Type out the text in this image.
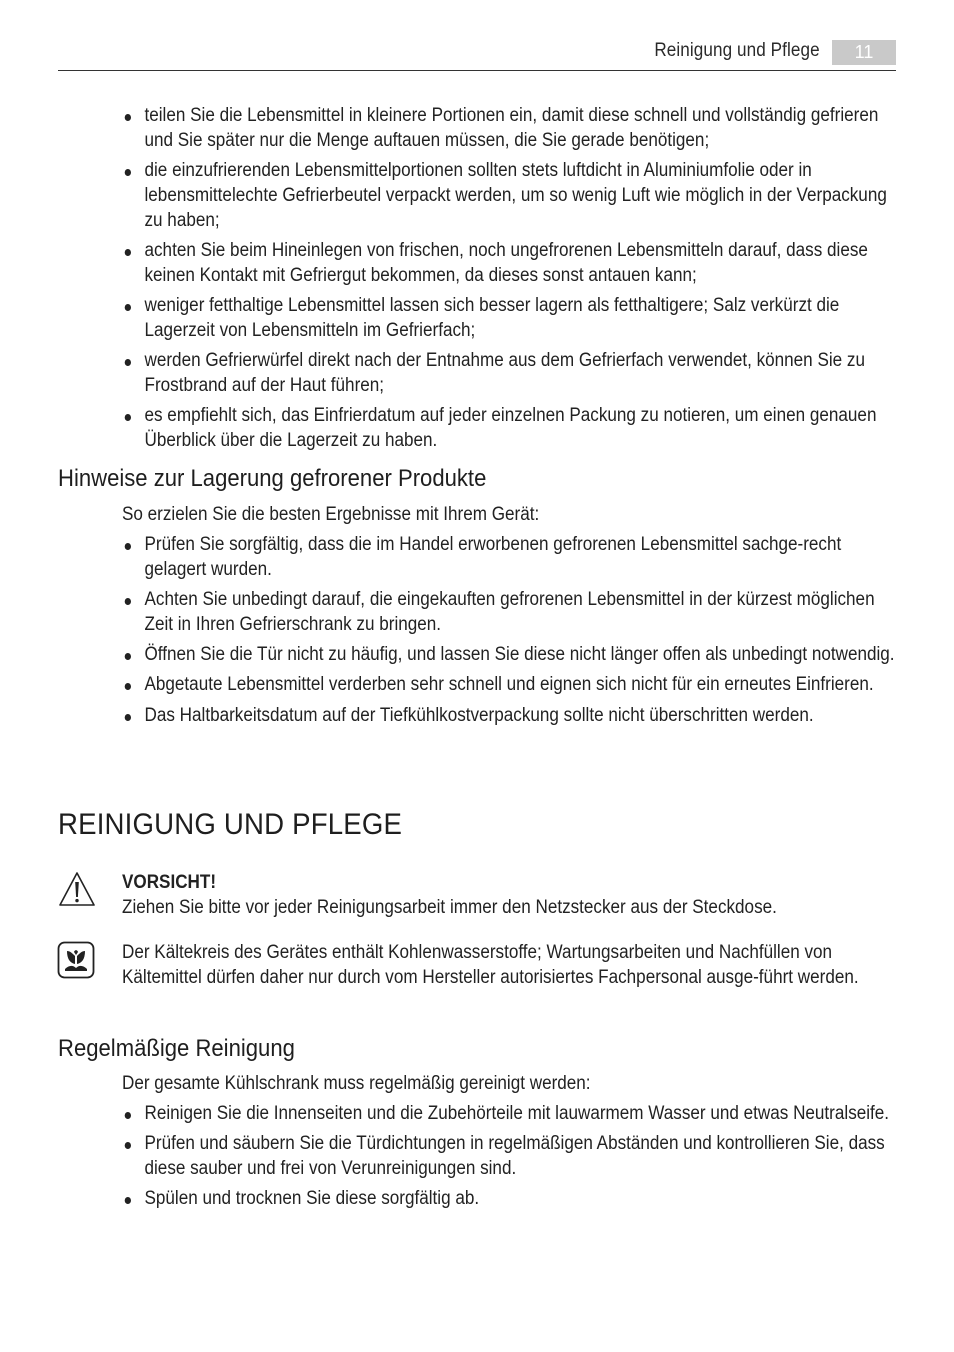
Reinigung und Pflege	11
teilen Sie die Lebensmittel in kleinere Portionen ein, damit diese schnell und vollständig gefrieren und Sie später nur die Menge auftauen müssen, die Sie gerade benötigen;
die einzufrierenden Lebensmittelportionen sollten stets luftdicht in Aluminiumfolie oder in lebensmittelechte Gefrierbeutel verpackt werden, um so wenig Luft wie möglich in der Verpackung zu haben;
achten Sie beim Hineinlegen von frischen, noch ungefrorenen Lebensmitteln darauf, dass diese keinen Kontakt mit Gefriergut bekommen, da dieses sonst antauen kann;
weniger fetthaltige Lebensmittel lassen sich besser lagern als fetthaltigere; Salz verkürzt die Lagerzeit von Lebensmitteln im Gefrierfach;
werden Gefrierwürfel direkt nach der Entnahme aus dem Gefrierfach verwendet, können Sie zu Frostbrand auf der Haut führen;
es empfiehlt sich, das Einfrierdatum auf jeder einzelnen Packung zu notieren, um einen genauen Überblick über die Lagerzeit zu haben.
Hinweise zur Lagerung gefrorener Produkte
So erzielen Sie die besten Ergebnisse mit Ihrem Gerät:
Prüfen Sie sorgfältig, dass die im Handel erworbenen gefrorenen Lebensmittel sachge-recht gelagert wurden.
Achten Sie unbedingt darauf, die eingekauften gefrorenen Lebensmittel in der kürzest möglichen Zeit in Ihren Gefrierschrank zu bringen.
Öffnen Sie die Tür nicht zu häufig, und lassen Sie diese nicht länger offen als unbedingt notwendig.
Abgetaute Lebensmittel verderben sehr schnell und eignen sich nicht für ein erneutes Einfrieren.
Das Haltbarkeitsdatum auf der Tiefkühlkostverpackung sollte nicht überschritten werden.
REINIGUNG UND PFLEGE
VORSICHT!
Ziehen Sie bitte vor jeder Reinigungsarbeit immer den Netzstecker aus der Steckdose.
Der Kältekreis des Gerätes enthält Kohlenwasserstoffe; Wartungsarbeiten und Nachfüllen von Kältemittel dürfen daher nur durch vom Hersteller autorisiertes Fachpersonal ausge-führt werden.
Regelmäßige Reinigung
Der gesamte Kühlschrank muss regelmäßig gereinigt werden:
Reinigen Sie die Innenseiten und die Zubehörteile mit lauwarmem Wasser und etwas Neutralseife.
Prüfen und säubern Sie die Türdichtungen in regelmäßigen Abständen und kontrollieren Sie, dass diese sauber und frei von Verunreinigungen sind.
Spülen und trocknen Sie diese sorgfältig ab.
